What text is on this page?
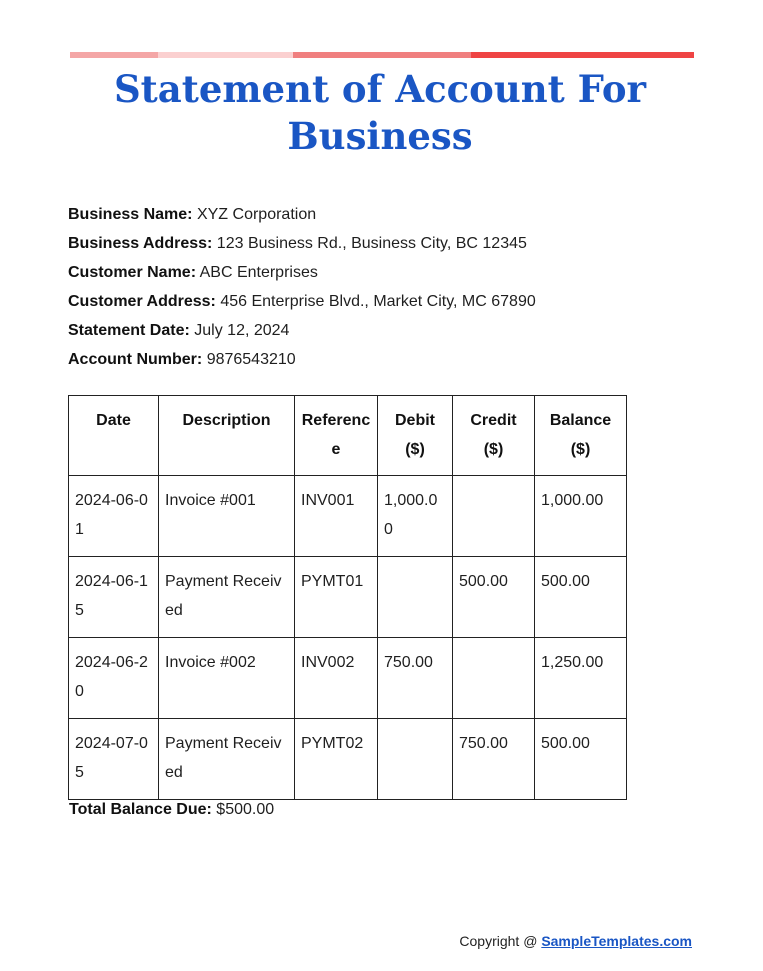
Statement of Account For Business
Business Name: XYZ Corporation
Business Address: 123 Business Rd., Business City, BC 12345
Customer Name: ABC Enterprises
Customer Address: 456 Enterprise Blvd., Market City, MC 67890
Statement Date: July 12, 2024
Account Number: 9876543210
Date	Description	Reference	Debit ($)	Credit ($)	Balance ($)
2024-06-01	Invoice #001	INV001	1,000.00		1,000.00
2024-06-15	Payment Received	PYMT01		500.00	500.00
2024-06-20	Invoice #002	INV002	750.00		1,250.00
2024-07-05	Payment Received	PYMT02		750.00	500.00
Total Balance Due: $500.00
Copyright @ SampleTemplates.com
